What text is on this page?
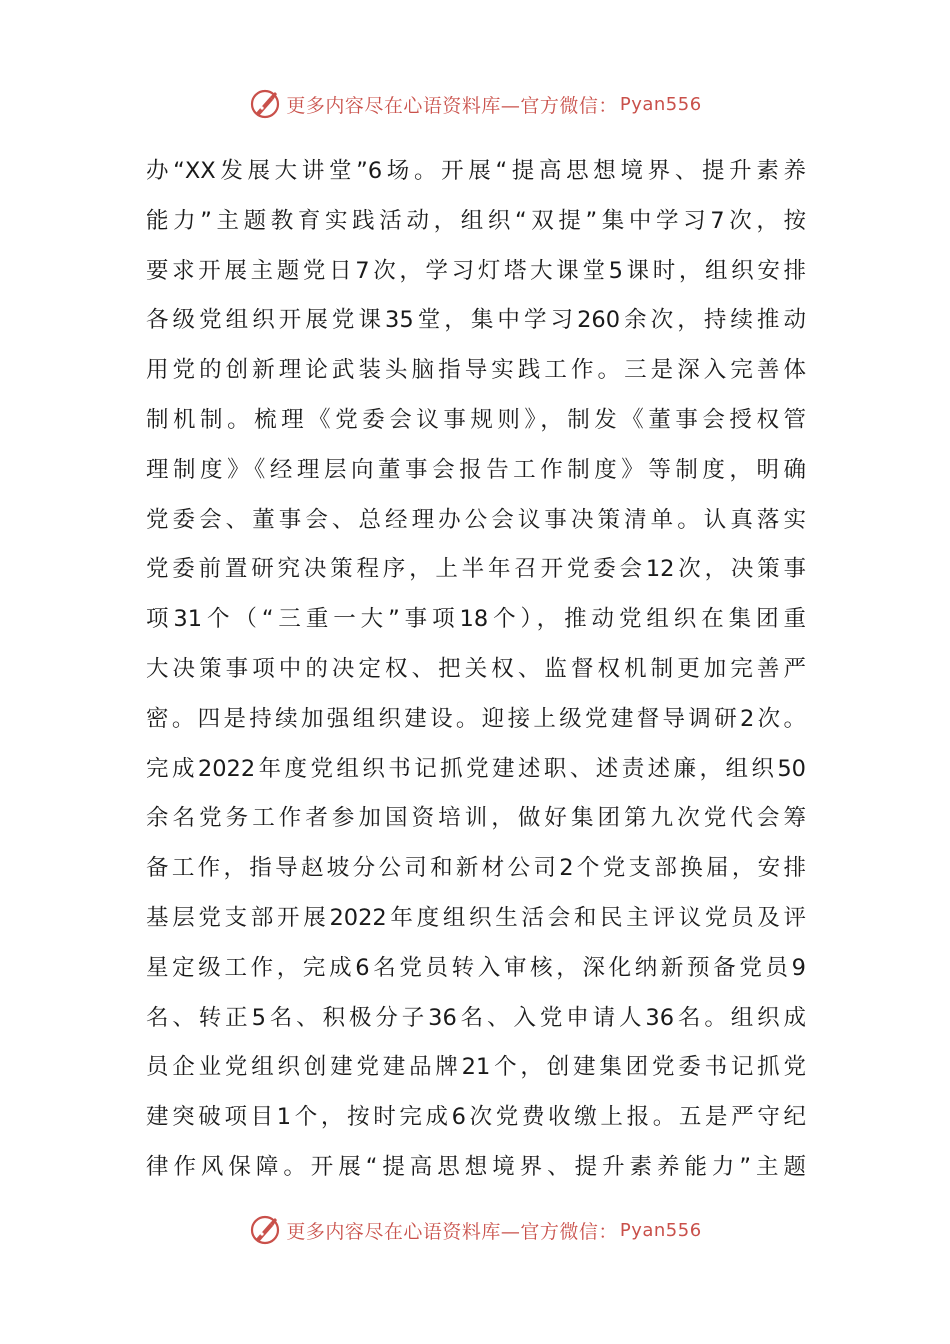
更多内容尽在心语资料库—官方微信： Pyan556
办“XX发展大讲堂”6场。开展“提高思想境界、提升素养
能力”主题教育实践活动，组织“双提”集中学习7次，按
要求开展主题党日7次，学习灯塔大课堂5课时，组织安排
各级党组织开展党课35堂，集中学习260余次，持续推动
用党的创新理论武装头脑指导实践工作。三是深入完善体
制机制。梳理《党委会议事规则》，制发《董事会授权管
理制度》《经理层向董事会报告工作制度》等制度，明确
党委会、董事会、总经理办公会议事决策清单。认真落实
党委前置研究决策程序，上半年召开党委会12次，决策事
项31个（“三重一大”事项18个），推动党组织在集团重
大决策事项中的决定权、把关权、监督权机制更加完善严
密。四是持续加强组织建设。迎接上级党建督导调研2次。
完成2022年度党组织书记抓党建述职、述责述廉，组织50
余名党务工作者参加国资培训，做好集团第九次党代会筹
备工作，指导赵坡分公司和新材公司2个党支部换届，安排
基层党支部开展2022年度组织生活会和民主评议党员及评
星定级工作，完成6名党员转入审核，深化纳新预备党员9
名、转正5名、积极分子36名、入党申请人36名。组织成
员企业党组织创建党建品牌21个，创建集团党委书记抓党
建突破项目1个，按时完成6次党费收缴上报。五是严守纪
律作风保障。开展“提高思想境界、提升素养能力”主题
更多内容尽在心语资料库—官方微信： Pyan556
